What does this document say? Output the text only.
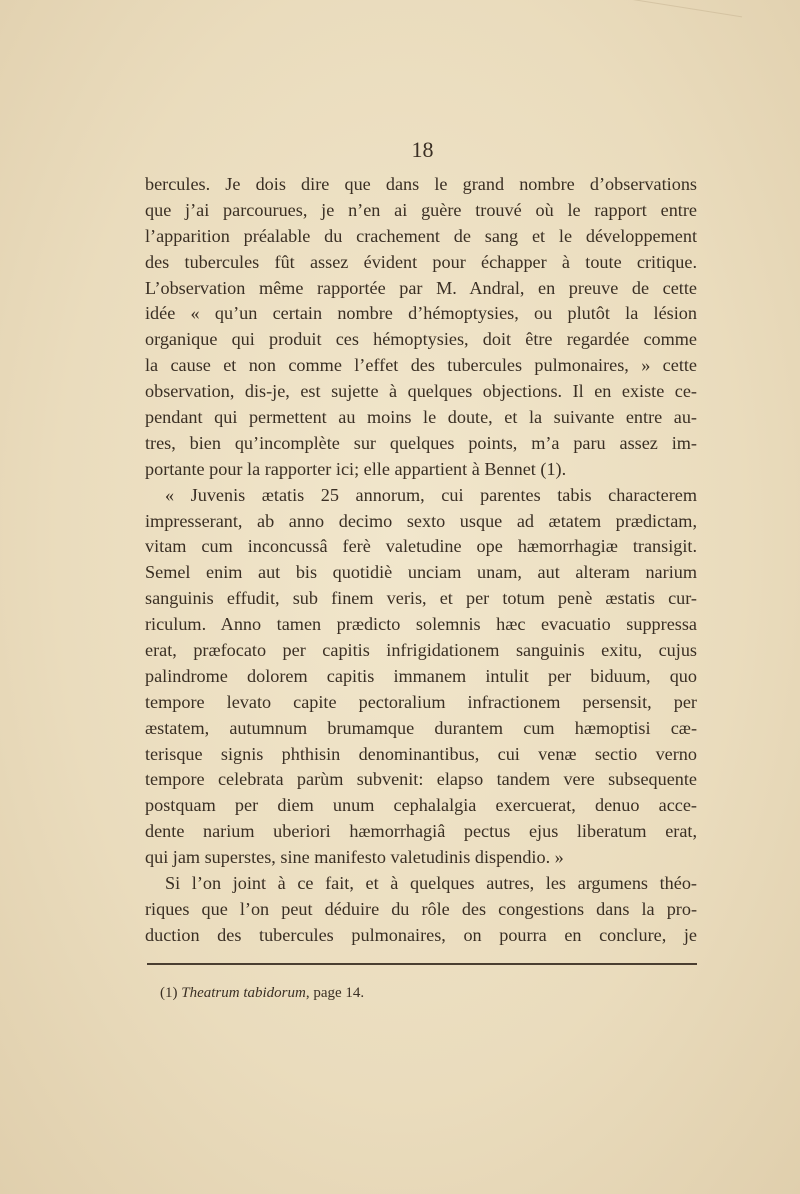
18
bercules. Je dois dire que dans le grand nombre d’observations
que j’ai parcourues, je n’en ai guère trouvé où le rapport entre
l’apparition préalable du crachement de sang et le développement
des tubercules fût assez évident pour échapper à toute critique.
L’observation même rapportée par M. Andral, en preuve de cette
idée « qu’un certain nombre d’hémoptysies, ou plutôt la lésion
organique qui produit ces hémoptysies, doit être regardée comme
la cause et non comme l’effet des tubercules pulmonaires, » cette
observation, dis-je, est sujette à quelques objections. Il en existe ce-
pendant qui permettent au moins le doute, et la suivante entre au-
tres, bien qu’incomplète sur quelques points, m’a paru assez im-
portante pour la rapporter ici; elle appartient à Bennet (1).
« Juvenis ætatis 25 annorum, cui parentes tabis characterem
impresserant, ab anno decimo sexto usque ad ætatem prædictam,
vitam cum inconcussâ ferè valetudine ope hæmorrhagiæ transigit.
Semel enim aut bis quotidiè unciam unam, aut alteram narium
sanguinis effudit, sub finem veris, et per totum penè æstatis cur-
riculum. Anno tamen prædicto solemnis hæc evacuatio suppressa
erat, præfocato per capitis infrigidationem sanguinis exitu, cujus
palindrome dolorem capitis immanem intulit per biduum, quo
tempore levato capite pectoralium infractionem persensit, per
æstatem, autumnum brumamque durantem cum hæmoptisi cæ-
terisque signis phthisin denominantibus, cui venæ sectio verno
tempore celebrata parùm subvenit: elapso tandem vere subsequente
postquam per diem unum cephalalgia exercuerat, denuo acce-
dente narium uberiori hæmorrhagiâ pectus ejus liberatum erat,
qui jam superstes, sine manifesto valetudinis dispendio. »
Si l’on joint à ce fait, et à quelques autres, les argumens théo-
riques que l’on peut déduire du rôle des congestions dans la pro-
duction des tubercules pulmonaires, on pourra en conclure, je
(1) Theatrum tabidorum, page 14.
